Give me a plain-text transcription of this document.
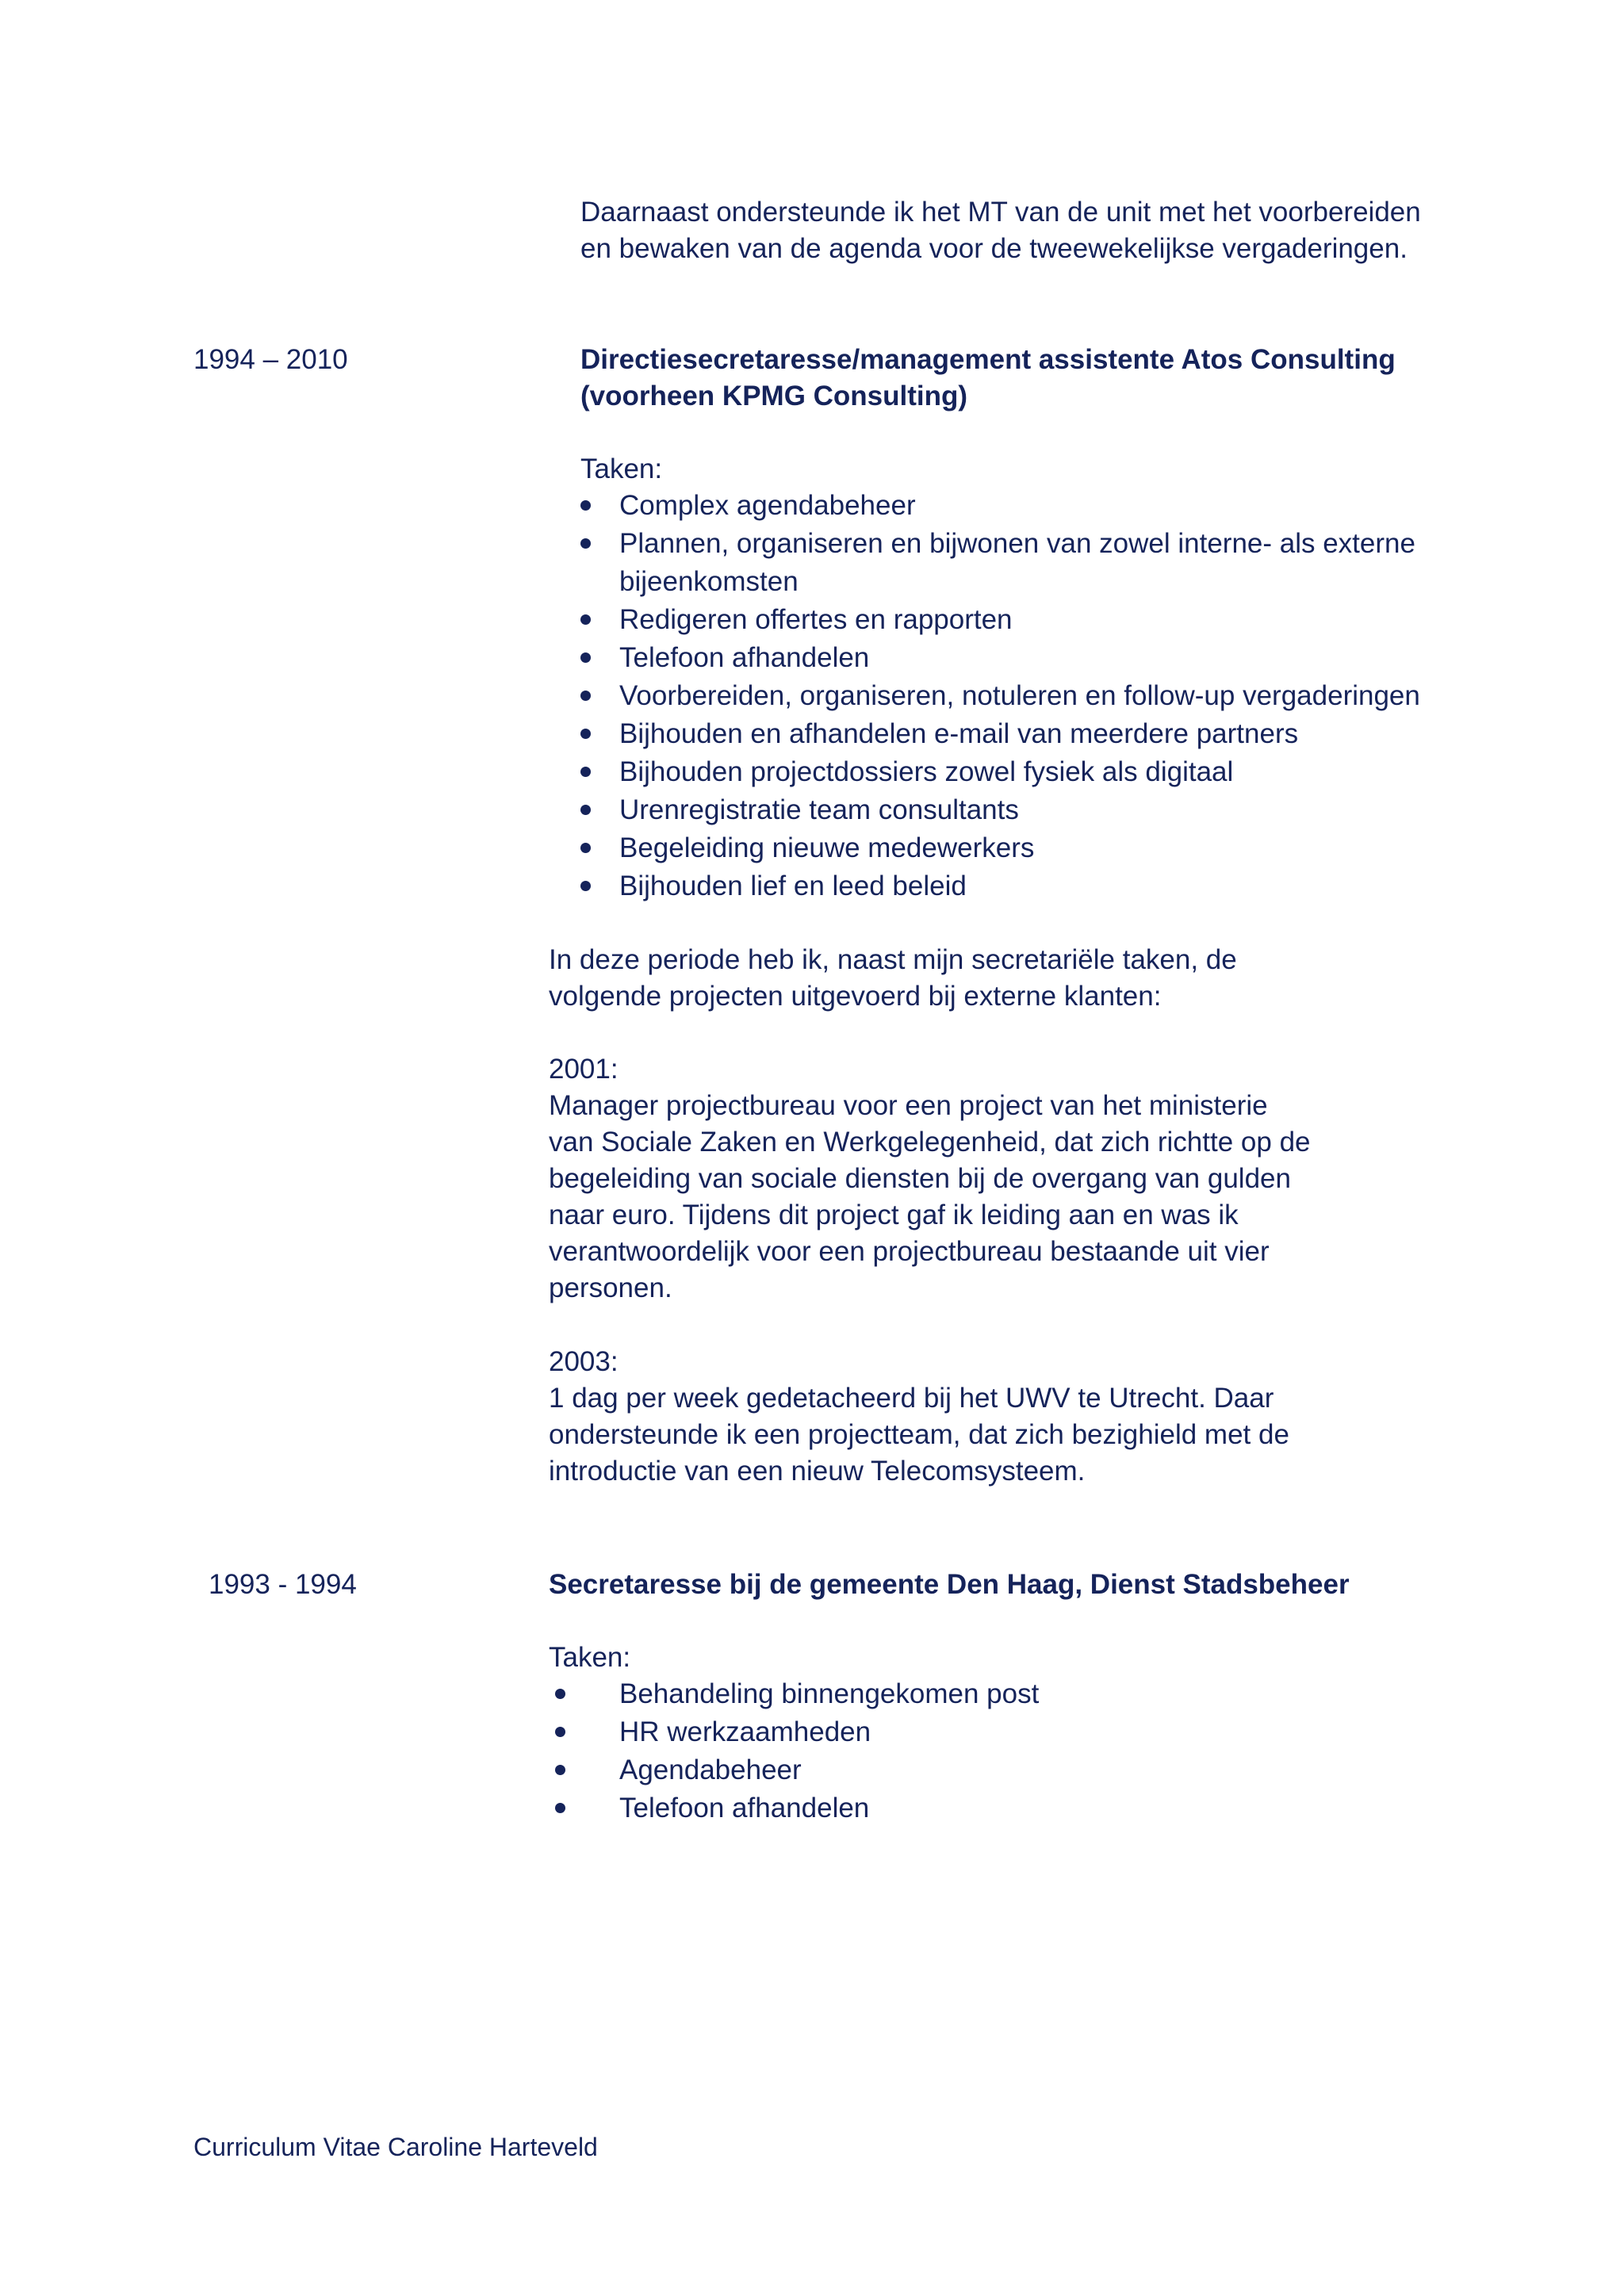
Daarnaast ondersteunde ik het MT van de unit met het voorbereiden
en bewaken van de agenda voor de tweewekelijkse vergaderingen.
1994 – 2010	Directiesecretaresse/management assistente Atos Consulting
(voorheen KPMG Consulting)
Taken:
Complex agendabeheer
Plannen, organiseren en bijwonen van zowel interne- als externe
bijeenkomsten
Redigeren offertes en rapporten
Telefoon afhandelen
Voorbereiden, organiseren, notuleren en follow-up vergaderingen
Bijhouden en afhandelen e-mail van meerdere partners
Bijhouden projectdossiers zowel fysiek als digitaal
Urenregistratie team consultants
Begeleiding nieuwe medewerkers
Bijhouden lief en leed beleid
In deze periode heb ik, naast mijn secretariële taken, de
volgende projecten uitgevoerd bij externe klanten:
2001:
Manager projectbureau voor een project van het ministerie
van Sociale Zaken en Werkgelegenheid, dat zich richtte op de
begeleiding van sociale diensten bij de overgang van gulden
naar euro. Tijdens dit project gaf ik leiding aan en was ik
verantwoordelijk voor een projectbureau bestaande uit vier
personen.
2003:
1 dag per week gedetacheerd bij het UWV te Utrecht. Daar
ondersteunde ik een projectteam, dat zich bezighield met de
introductie van een nieuw Telecomsysteem.
1993 - 1994	Secretaresse bij de gemeente Den Haag, Dienst Stadsbeheer
Taken:
Behandeling binnengekomen post
HR werkzaamheden
Agendabeheer
Telefoon afhandelen
Curriculum Vitae Caroline Harteveld
